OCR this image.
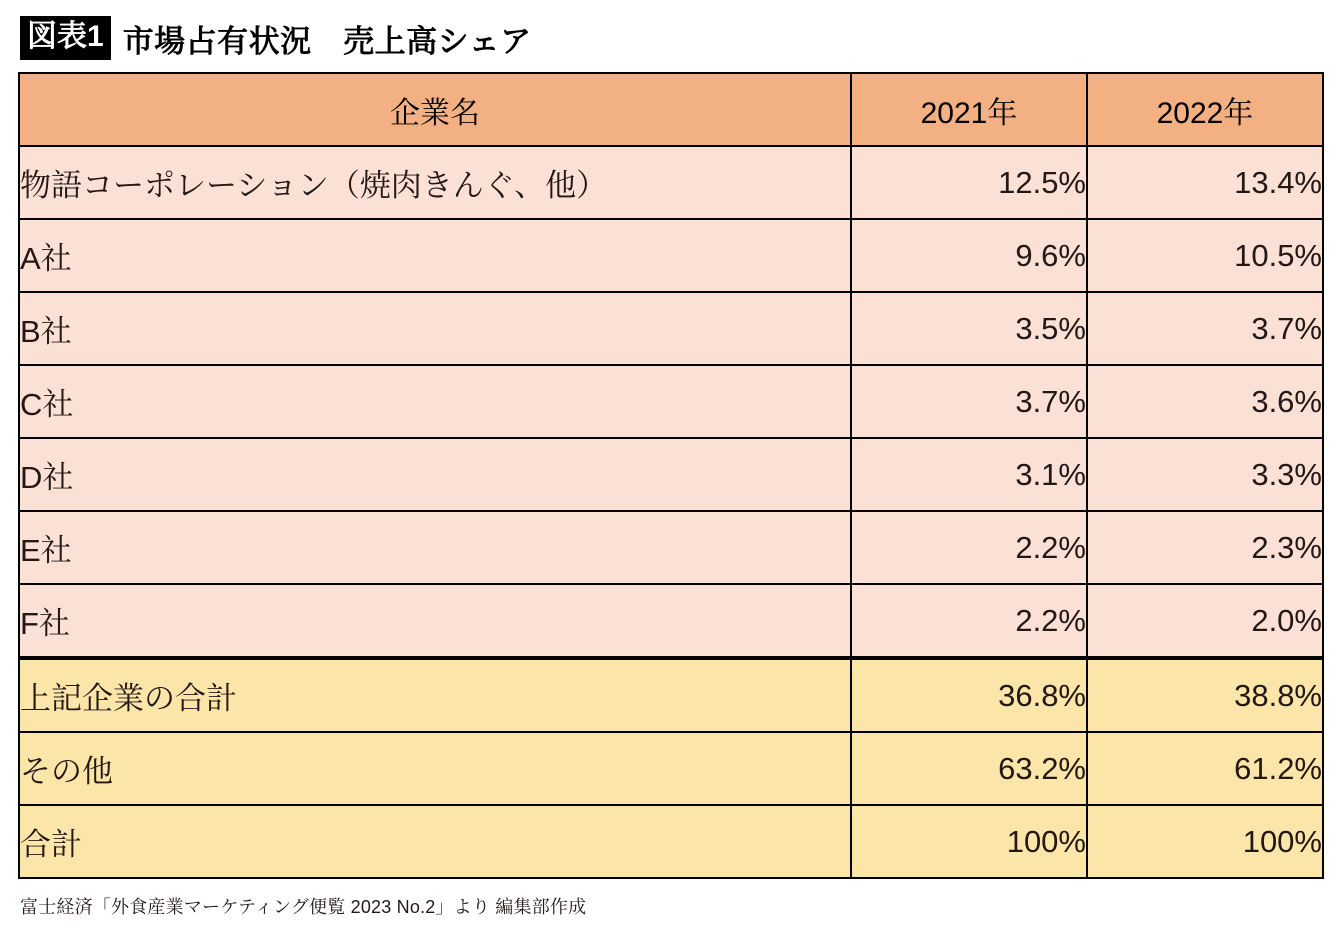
図表1 市場占有状況　売上高シェア
企業名	2021年	2022年
物語コーポレーション（焼肉きんぐ、他）	12.5%	13.4%
A社	9.6%	10.5%
B社	3.5%	3.7%
C社	3.7%	3.6%
D社	3.1%	3.3%
E社	2.2%	2.3%
F社	2.2%	2.0%
上記企業の合計	36.8%	38.8%
その他	63.2%	61.2%
合計	100%	100%
富士経済「外食産業マーケティング便覧 2023 No.2」より 編集部作成
